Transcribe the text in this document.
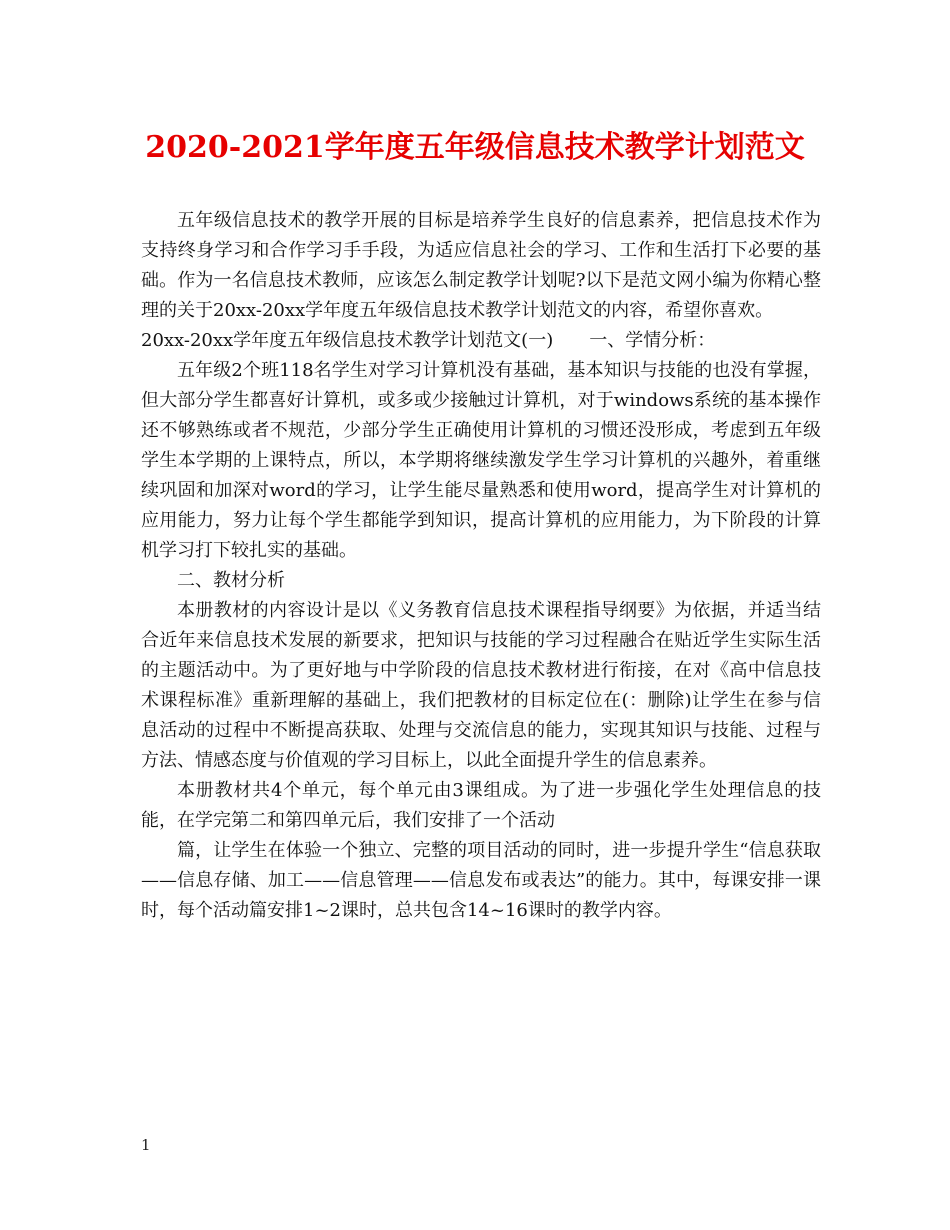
2020-2021学年度五年级信息技术教学计划范文

五年级信息技术的教学开展的目标是培养学生良好的信息素养，把信息技术作为支持终身学习和合作学习手手段，为适应信息社会的学习、工作和生活打下必要的基础。作为一名信息技术教师，应该怎么制定教学计划呢?以下是范文网小编为你精心整理的关于20xx-20xx学年度五年级信息技术教学计划范文的内容，希望你喜欢。

20xx-20xx学年度五年级信息技术教学计划范文(一)　　一、学情分析：

五年级2个班118名学生对学习计算机没有基础，基本知识与技能的也没有掌握，但大部分学生都喜好计算机，或多或少接触过计算机，对于windows系统的基本操作还不够熟练或者不规范，少部分学生正确使用计算机的习惯还没形成，考虑到五年级学生本学期的上课特点，所以，本学期将继续激发学生学习计算机的兴趣外，着重继续巩固和加深对word的学习，让学生能尽量熟悉和使用word，提高学生对计算机的应用能力，努力让每个学生都能学到知识，提高计算机的应用能力，为下阶段的计算机学习打下较扎实的基础。

二、教材分析

本册教材的内容设计是以《义务教育信息技术课程指导纲要》为依据，并适当结合近年来信息技术发展的新要求，把知识与技能的学习过程融合在贴近学生实际生活的主题活动中。为了更好地与中学阶段的信息技术教材进行衔接，在对《高中信息技术课程标准》重新理解的基础上，我们把教材的目标定位在(：删除)让学生在参与信息活动的过程中不断提高获取、处理与交流信息的能力，实现其知识与技能、过程与方法、情感态度与价值观的学习目标上，以此全面提升学生的信息素养。

本册教材共4个单元，每个单元由3课组成。为了进一步强化学生处理信息的技能，在学完第二和第四单元后，我们安排了一个活动

篇，让学生在体验一个独立、完整的项目活动的同时，进一步提升学生“信息获取——信息存储、加工——信息管理——信息发布或表达”的能力。其中，每课安排一课时，每个活动篇安排1~2课时，总共包含14~16课时的教学内容。

1
